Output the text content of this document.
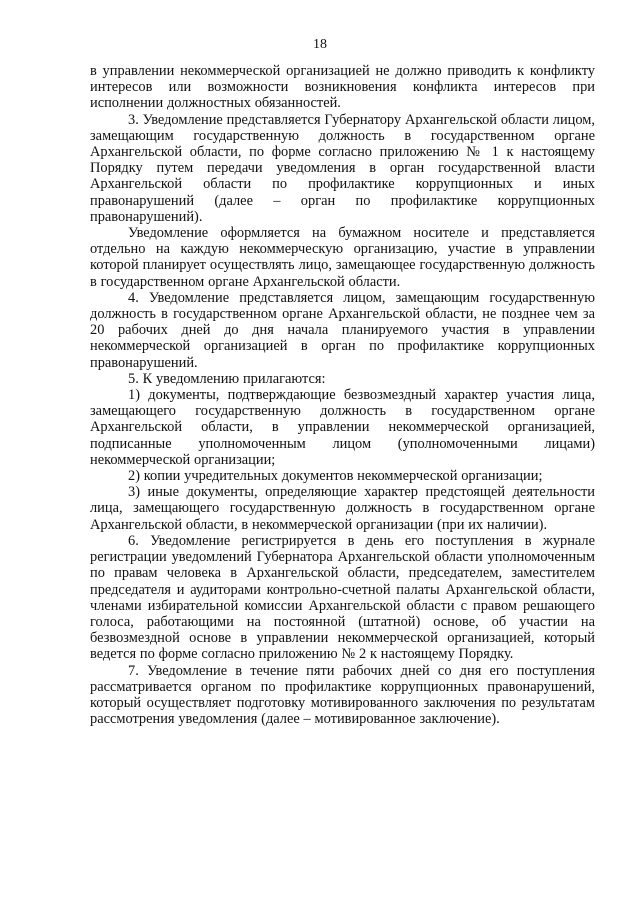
18

в управлении некоммерческой организацией не должно приводить к конфликту интересов или возможности возникновения конфликта интересов при исполнении должностных обязанностей.

3. Уведомление представляется Губернатору Архангельской области лицом, замещающим государственную должность в государственном органе Архангельской области, по форме согласно приложению № 1 к настоящему Порядку путем передачи уведомления в орган государственной власти Архангельской области по профилактике коррупционных и иных правонарушений (далее – орган по профилактике коррупционных правонарушений).

Уведомление оформляется на бумажном носителе и представляется отдельно на каждую некоммерческую организацию, участие в управлении которой планирует осуществлять лицо, замещающее государственную должность в государственном органе Архангельской области.

4. Уведомление представляется лицом, замещающим государственную должность в государственном органе Архангельской области, не позднее чем за 20 рабочих дней до дня начала планируемого участия в управлении некоммерческой организацией в орган по профилактике коррупционных правонарушений.

5. К уведомлению прилагаются:

1) документы, подтверждающие безвозмездный характер участия лица, замещающего государственную должность в государственном органе Архангельской области, в управлении некоммерческой организацией, подписанные уполномоченным лицом (уполномоченными лицами) некоммерческой организации;

2) копии учредительных документов некоммерческой организации;

3) иные документы, определяющие характер предстоящей деятельности лица, замещающего государственную должность в государственном органе Архангельской области, в некоммерческой организации (при их наличии).

6. Уведомление регистрируется в день его поступления в журнале регистрации уведомлений Губернатора Архангельской области уполномоченным по правам человека в Архангельской области, председателем, заместителем председателя и аудиторами контрольно-счетной палаты Архангельской области, членами избирательной комиссии Архангельской области с правом решающего голоса, работающими на постоянной (штатной) основе, об участии на безвозмездной основе в управлении некоммерческой организацией, который ведется по форме согласно приложению № 2 к настоящему Порядку.

7. Уведомление в течение пяти рабочих дней со дня его поступления рассматривается органом по профилактике коррупционных правонарушений, который осуществляет подготовку мотивированного заключения по результатам рассмотрения уведомления (далее – мотивированное заключение).
